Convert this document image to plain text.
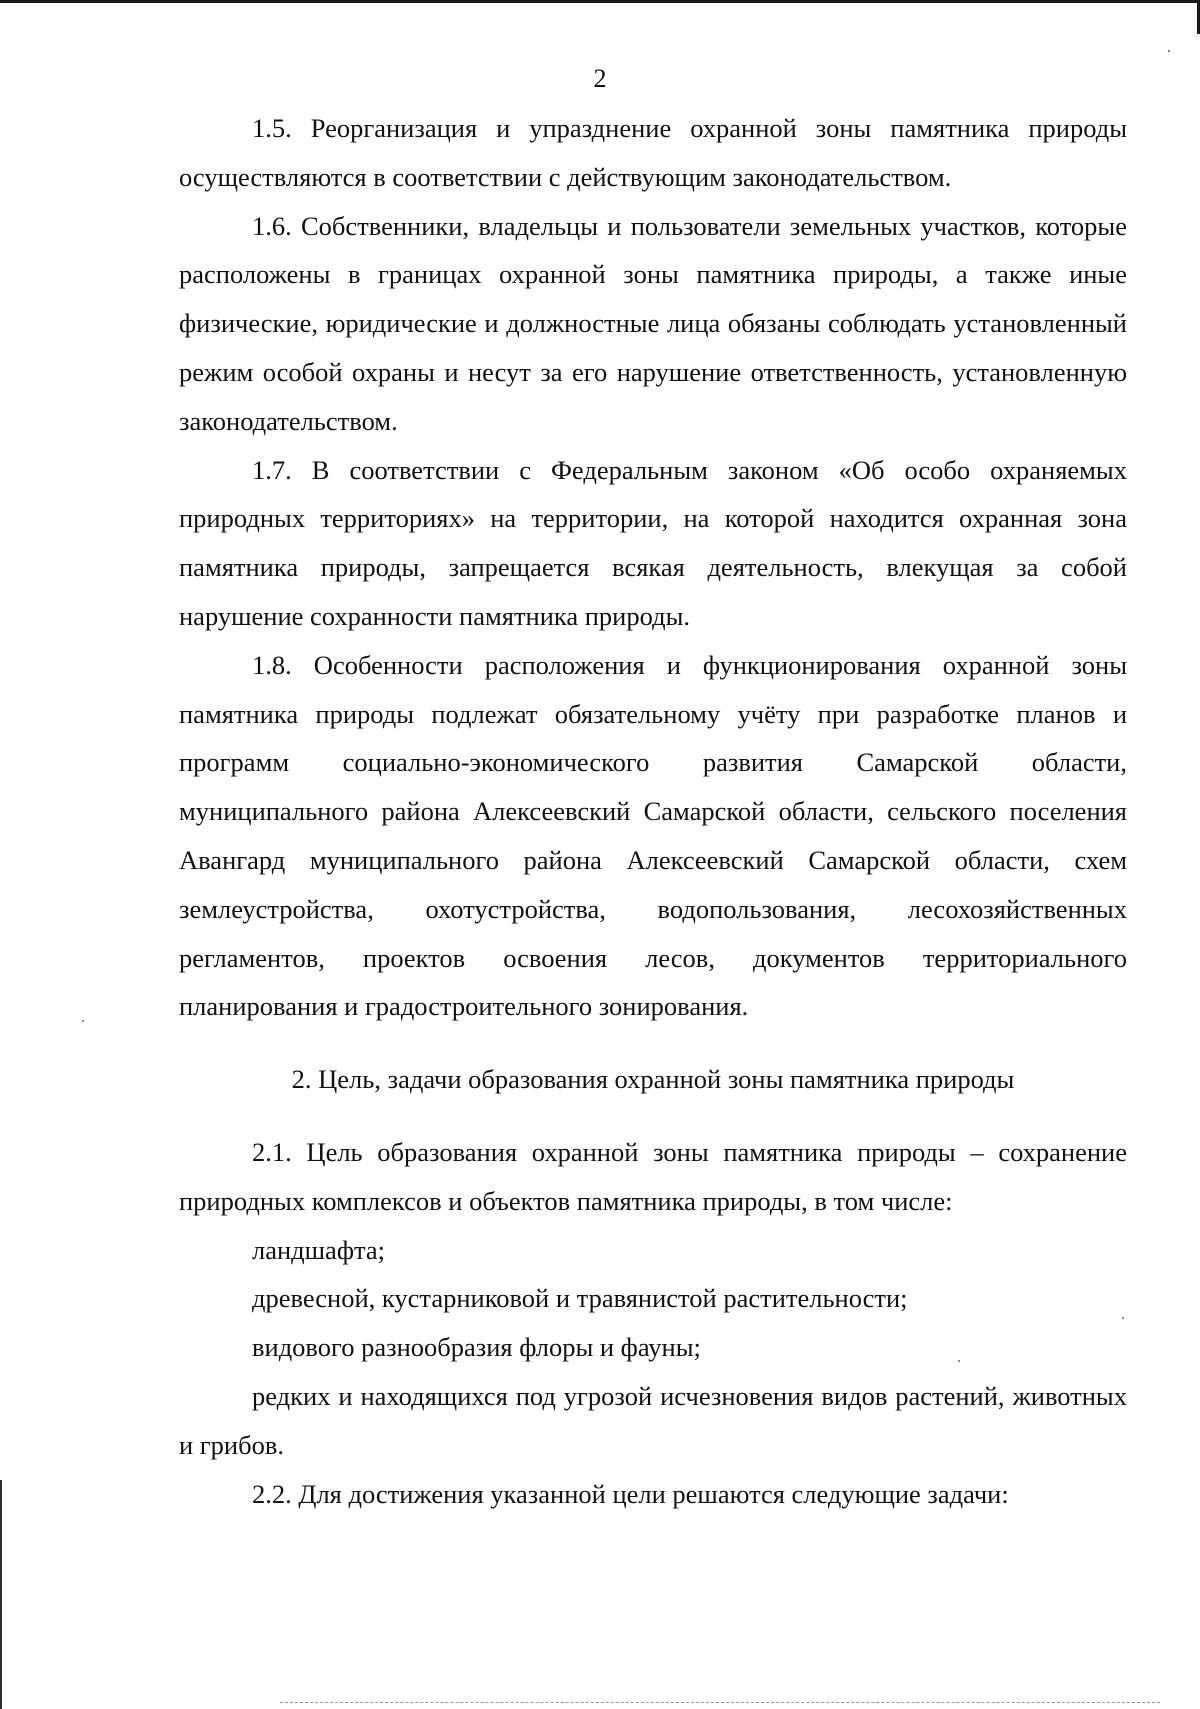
2

1.5. Реорганизация и упразднение охранной зоны памятника природы осуществляются в соответствии с действующим законодательством.

1.6. Собственники, владельцы и пользователи земельных участков, которые расположены в границах охранной зоны памятника природы, а также иные физические, юридические и должностные лица обязаны соблюдать установленный режим особой охраны и несут за его нарушение ответственность, установленную законодательством.

1.7. В соответствии с Федеральным законом «Об особо охраняемых природных территориях» на территории, на которой находится охранная зона памятника природы, запрещается всякая деятельность, влекущая за собой нарушение сохранности памятника природы.

1.8. Особенности расположения и функционирования охранной зоны памятника природы подлежат обязательному учёту при разработке планов и программ социально-экономического развития Самарской области, муниципального района Алексеевский Самарской области, сельского поселения Авангард муниципального района Алексеевский Самарской области, схем землеустройства, охотустройства, водопользования, лесохозяйственных регламентов, проектов освоения лесов, документов территориального планирования и градостроительного зонирования.

2. Цель, задачи образования охранной зоны памятника природы

2.1. Цель образования охранной зоны памятника природы – сохранение природных комплексов и объектов памятника природы, в том числе:

ландшафта;

древесной, кустарниковой и травянистой растительности;

видового разнообразия флоры и фауны;

редких и находящихся под угрозой исчезновения видов растений, животных и грибов.

2.2. Для достижения указанной цели решаются следующие задачи:
